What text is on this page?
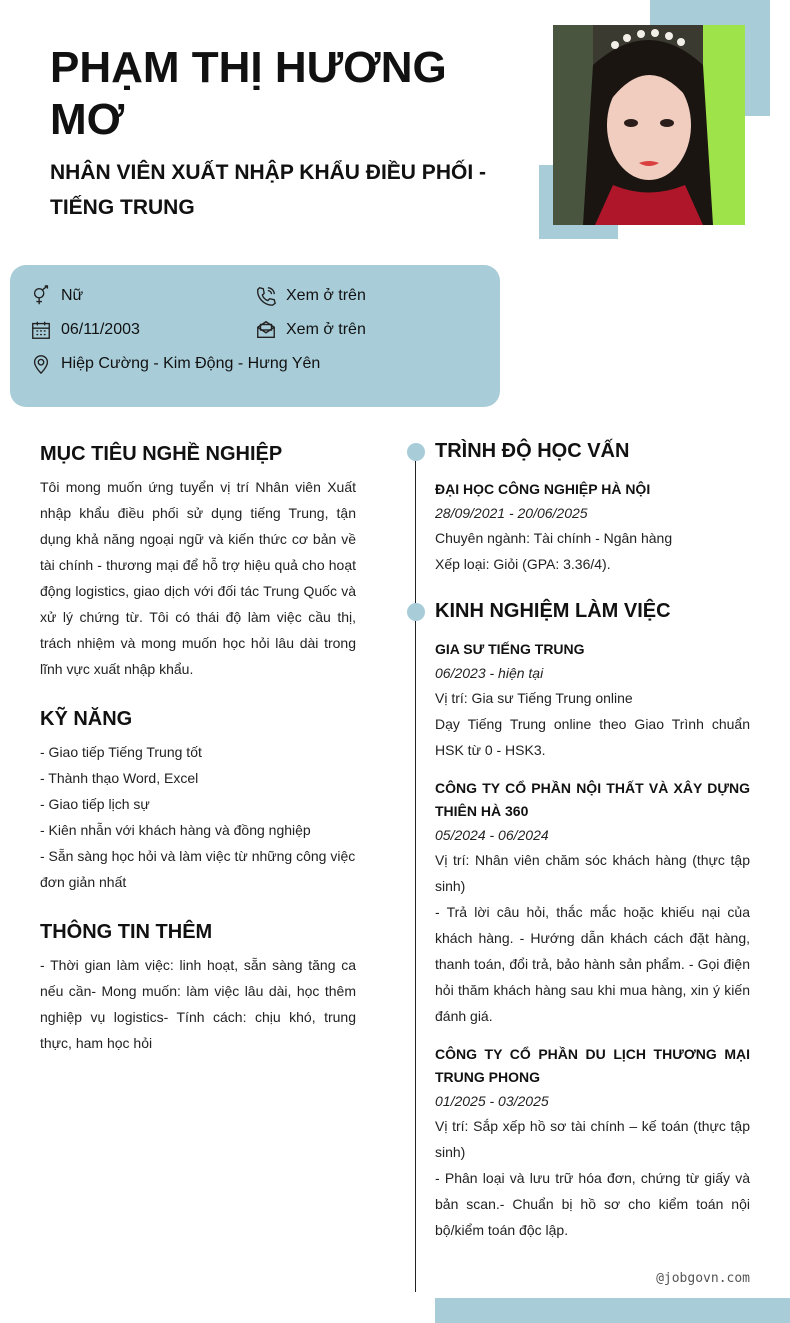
PHẠM THỊ HƯƠNG MƠ
NHÂN VIÊN XUẤT NHẬP KHẨU ĐIỀU PHỐI - TIẾNG TRUNG
Nữ	Xem ở trên
06/11/2003	Xem ở trên
Hiệp Cường - Kim Động - Hưng Yên
MỤC TIÊU NGHỀ NGHIỆP

Tôi mong muốn ứng tuyển vị trí Nhân viên Xuất nhập khẩu điều phối sử dụng tiếng Trung, tận dụng khả năng ngoại ngữ và kiến thức cơ bản về tài chính - thương mại để hỗ trợ hiệu quả cho hoạt động logistics, giao dịch với đối tác Trung Quốc và xử lý chứng từ. Tôi có thái độ làm việc cầu thị, trách nhiệm và mong muốn học hỏi lâu dài trong lĩnh vực xuất nhập khẩu.

KỸ NĂNG
- Giao tiếp Tiếng Trung tốt
- Thành thạo Word, Excel
- Giao tiếp lịch sự
- Kiên nhẫn với khách hàng và đồng nghiệp
- Sẵn sàng học hỏi và làm việc từ những công việc
đơn giản nhất
THÔNG TIN THÊM

- Thời gian làm việc: linh hoạt, sẵn sàng tăng ca nếu cần- Mong muốn: làm việc lâu dài, học thêm nghiệp vụ logistics- Tính cách: chịu khó, trung thực, ham học hỏi

TRÌNH ĐỘ HỌC VẤN
ĐẠI HỌC CÔNG NGHIỆP HÀ NỘI
28/09/2021 - 20/06/2025
Chuyên ngành: Tài chính - Ngân hàng
Xếp loại: Giỏi (GPA: 3.36/4).
KINH NGHIỆM LÀM VIỆC
GIA SƯ TIẾNG TRUNG
06/2023 - hiện tại
Vị trí: Gia sư Tiếng Trung online
Dạy Tiếng Trung online theo Giao Trình chuẩn HSK từ 0 - HSK3.
CÔNG TY CỔ PHẦN NỘI THẤT VÀ XÂY DỰNG THIÊN HÀ 360
05/2024 - 06/2024
Vị trí: Nhân viên chăm sóc khách hàng (thực tập sinh)
- Trả lời câu hỏi, thắc mắc hoặc khiếu nại của khách hàng. - Hướng dẫn khách cách đặt hàng, thanh toán, đổi trả, bảo hành sản phẩm. - Gọi điện hỏi thăm khách hàng sau khi mua hàng, xin ý kiến đánh giá.
CÔNG TY CỔ PHẦN DU LỊCH THƯƠNG MẠI TRUNG PHONG
01/2025 - 03/2025
Vị trí: Sắp xếp hồ sơ tài chính – kế toán (thực tập sinh)
- Phân loại và lưu trữ hóa đơn, chứng từ giấy và bản scan.- Chuẩn bị hồ sơ cho kiểm toán nội bộ/kiểm toán độc lập.
@jobgovn.com
